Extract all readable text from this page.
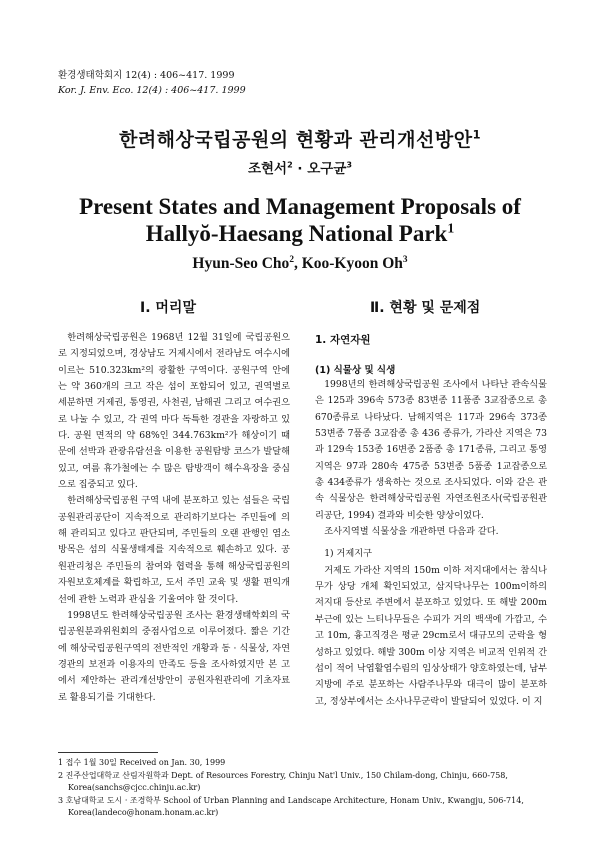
환경생태학회지 12(4) : 406~417. 1999
Kor. J. Env. Eco. 12(4) : 406~417. 1999
한려해상국립공원의 현황과 관리개선방안$^1$
조현서$^2$ · 오구균$^3$
Present States and Management Proposals of Hallyŏ-Haesang National Park$^1$
Hyun-Seo Cho$^2$, Koo-Kyoon Oh$^3$
Ⅰ. 머리말

한려해상국립공원은 1968년 12월 31일에 국립공원으로 지정되었으며, 경상남도 거제시에서 전라남도 여수시에 이르는 510.323km²의 광활한 구역이다. 공원구역 안에는 약 360개의 크고 작은 섬이 포함되어 있고, 권역별로 세분하면 거제권, 통영권, 사천권, 남해권 그리고 여수권으로 나눌 수 있고, 각 권역 마다 독특한 경관을 자랑하고 있다. 공원 면적의 약 68%인 344.763km²가 해상이기 때문에 선박과 관광유람선을 이용한 공원탐방 코스가 발달해 있고, 여름 휴가철에는 수 많은 탐방객이 해수욕장을 중심으로 집중되고 있다.

한려해상국립공원 구역 내에 분포하고 있는 섬들은 국립공원관리공단이 지속적으로 관리하기보다는 주민들에 의해 관리되고 있다고 판단되며, 주민들의 오랜 관행인 염소방목은 섬의 식물생태계를 지속적으로 훼손하고 있다. 공원관리청은 주민들의 참여와 협력을 통해 해상국립공원의 자원보호체계를 확립하고, 도서 주민 교육 및 생활 편익개선에 관한 노력과 관심을 기울여야 할 것이다.

1998년도 한려해상국립공원 조사는 환경생태학회의 국립공원분과위원회의 중점사업으로 이루어졌다. 짧은 기간에 해상국립공원구역의 전반적인 개황과 동 · 식물상, 자연경관의 보전과 이용자의 만족도 등을 조사하였지만 본 고에서 제안하는 관리개선방안이 공원자원관리에 기초자료로 활용되기를 기대한다.

Ⅱ. 현황 및 문제점
1. 자연자원
(1) 식물상 및 식생

1998년의 한려해상국립공원 조사에서 나타난 관속식물은 125과 396속 573종 83변종 11품종 3교잡종으로 총 670종류로 나타났다. 남해지역은 117과 296속 373종 53변종 7품종 3교잡종 총 436 종류가, 가라산 지역은 73과 129속 153종 16변종 2품종 총 171종류, 그리고 통영지역은 97과 280속 475종 53변종 5품종 1교잡종으로 총 434종류가 생육하는 것으로 조사되었다. 이와 같은 관속 식물상은 한려해상국립공원 자연조원조사(국립공원관리공단, 1994) 결과와 비슷한 양상이었다.

조사지역별 식물상을 개관하면 다음과 같다.

1) 거제지구

거제도 가라산 지역의 150m 이하 저지대에서는 참식나무가 상당 개체 확인되었고, 삼지닥나무는 100m이하의 저지대 등산로 주변에서 분포하고 있었다. 또 해발 200m 부근에 있는 느티나무들은 수피가 거의 백색에 가깝고, 수고 10m, 흉고직경은 평균 29cm로서 대규모의 군락을 형성하고 있었다. 해발 300m 이상 지역은 비교적 인위적 간섭이 적어 낙엽활엽수림의 임상상태가 양호하였는데, 남부지방에 주로 분포하는 사람주나무와 대극이 많이 분포하고, 정상부에서는 소사나무군락이 발달되어 있었다. 이 지

1 접수 1월 30일 Received on Jan. 30, 1999
2 진주산업대학교 산림자원학과 Dept. of Resources Forestry, Chinju Nat'l Univ., 150 Chilam-dong, Chinju, 660-758, Korea(sanchs@cjcc.chinju.ac.kr)
3 호남대학교 도시 · 조경학부 School of Urban Planning and Landscape Architecture, Honam Univ., Kwangju, 506-714, Korea(landeco@honam.honam.ac.kr)
